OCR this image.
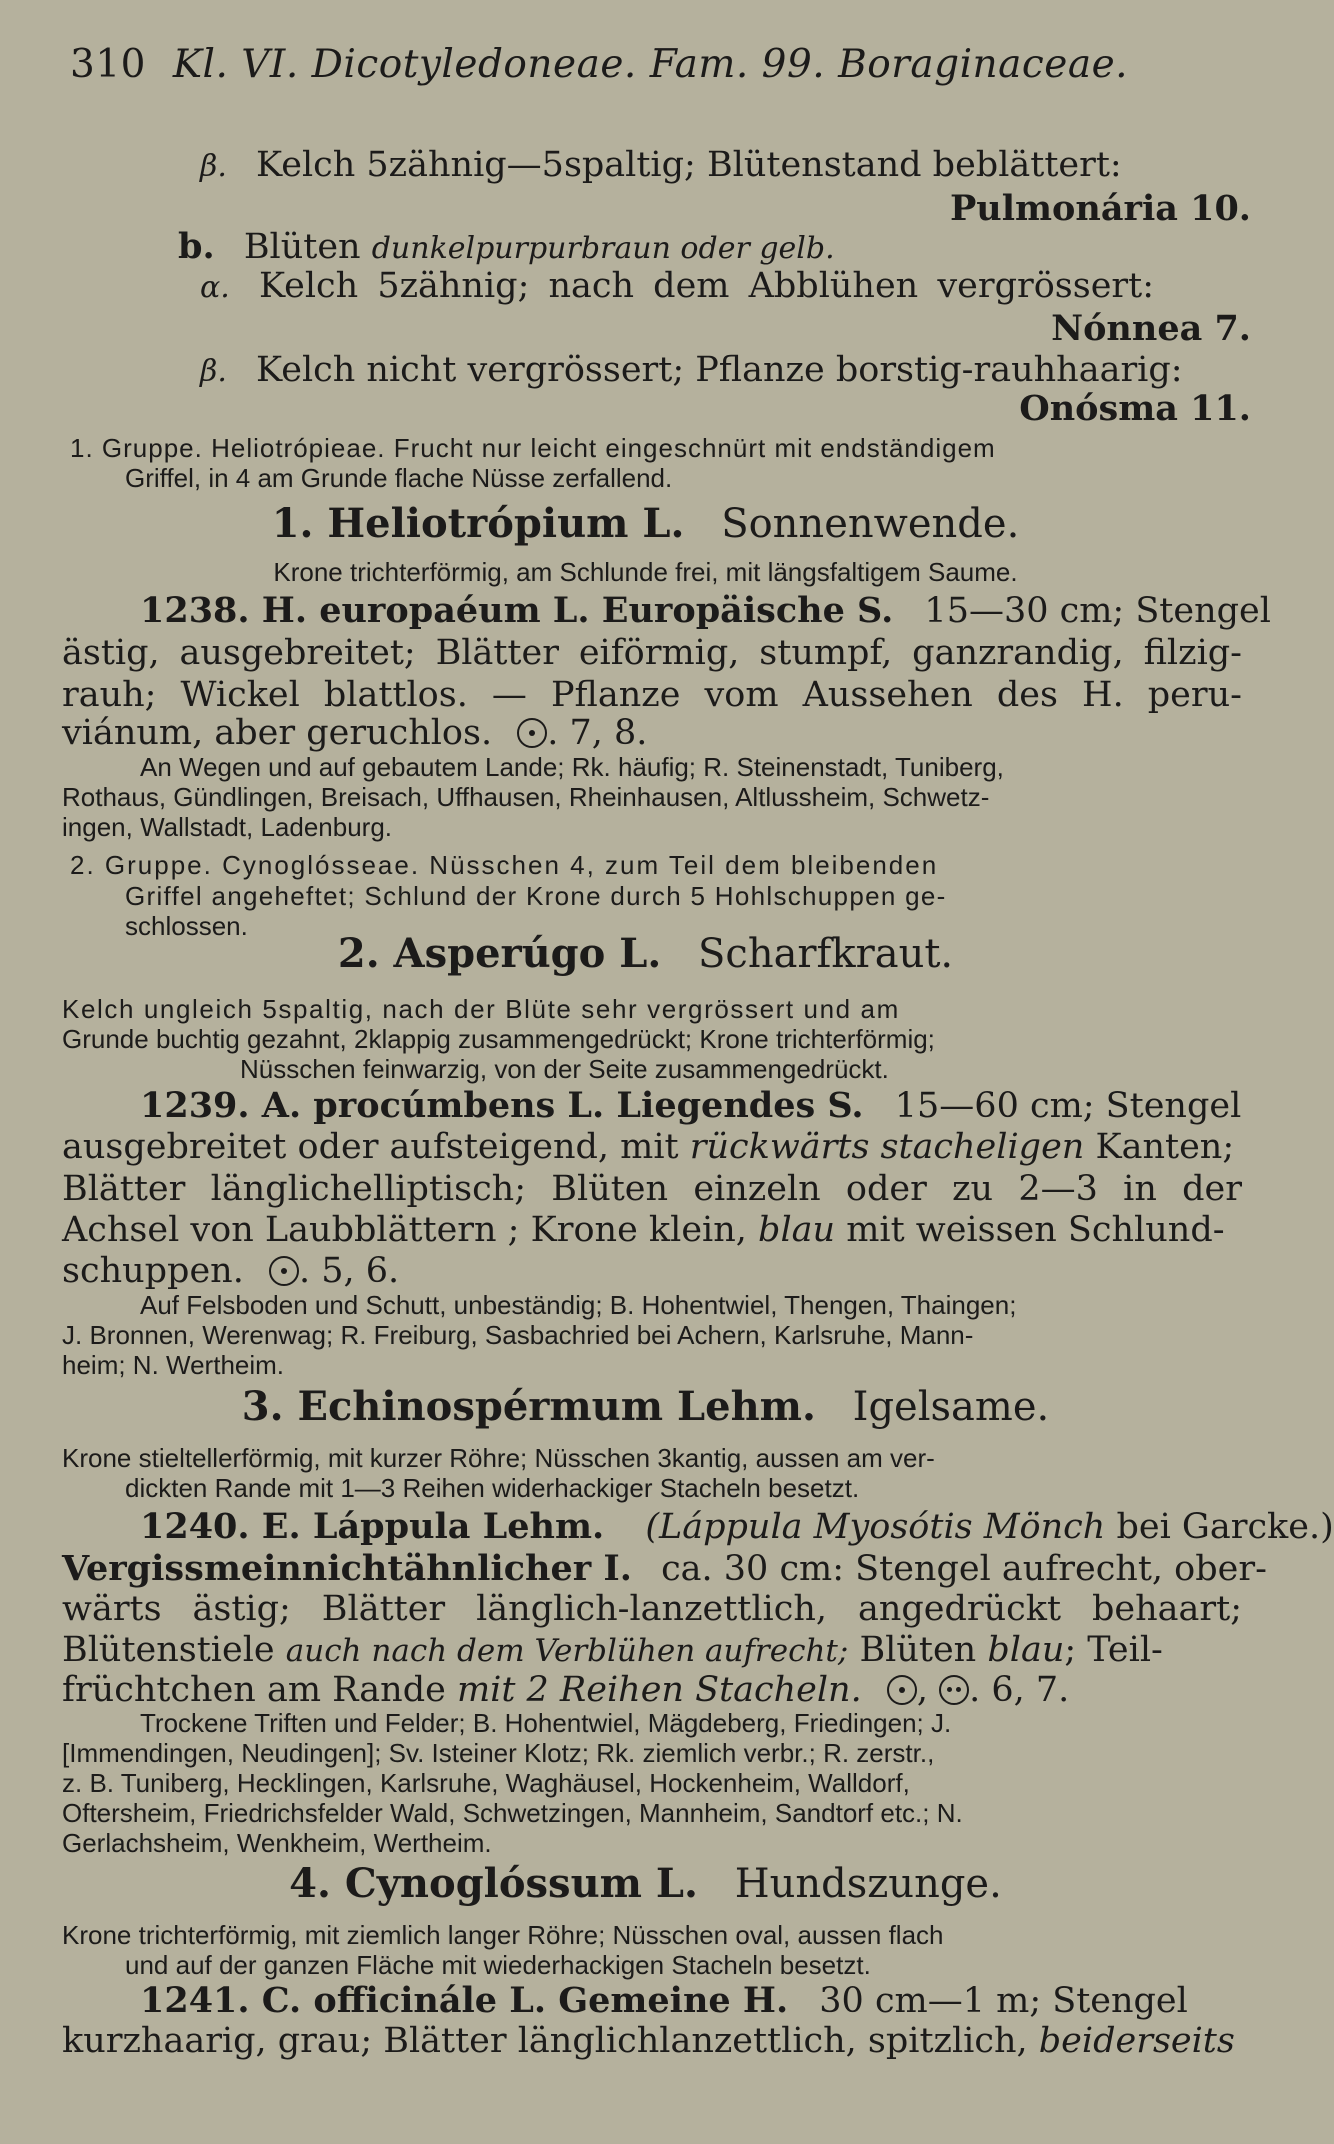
310 Kl. VI. Dicotyledoneae. Fam. 99. Boraginaceae.
β. Kelch 5zähnig—5spaltig; Blütenstand beblättert:
Pulmonária 10.
b. Blüten dunkelpurpurbraun oder gelb.
α. Kelch 5zähnig; nach dem Abblühen vergrössert:
Nónnea 7.
β. Kelch nicht vergrössert; Pflanze borstig-rauhhaarig:
Onósma 11.
1. Gruppe. Heliotrópieae. Frucht nur leicht eingeschnürt mit endständigem
Griffel, in 4 am Grunde flache Nüsse zerfallend.
1. Heliotrópium L. Sonnenwende.
Krone trichterförmig, am Schlunde frei, mit längsfaltigem Saume.
1238. H. europaéum L. Europäische S. 15—30 cm; Stengel
ästig, ausgebreitet; Blätter eiförmig, stumpf, ganzrandig, filzig-
rauh; Wickel blattlos. — Pflanze vom Aussehen des H. peru-
viánum, aber geruchlos. . 7, 8.
An Wegen und auf gebautem Lande; Rk. häufig; R. Steinenstadt, Tuniberg,
Rothaus, Gündlingen, Breisach, Uffhausen, Rheinhausen, Altlussheim, Schwetz-
ingen, Wallstadt, Ladenburg.
2. Gruppe. Cynoglósseae. Nüsschen 4, zum Teil dem bleibenden
Griffel angeheftet; Schlund der Krone durch 5 Hohlschuppen ge-
schlossen.
2. Asperúgo L. Scharfkraut.
Kelch ungleich 5spaltig, nach der Blüte sehr vergrössert und am
Grunde buchtig gezahnt, 2klappig zusammengedrückt; Krone trichterförmig;
Nüsschen feinwarzig, von der Seite zusammengedrückt.
1239. A. procúmbens L. Liegendes S. 15—60 cm; Stengel
ausgebreitet oder aufsteigend, mit rückwärts stacheligen Kanten;
Blätter länglichelliptisch; Blüten einzeln oder zu 2—3 in der
Achsel von Laubblättern ; Krone klein, blau mit weissen Schlund-
schuppen. . 5, 6.
Auf Felsboden und Schutt, unbeständig; B. Hohentwiel, Thengen, Thaingen;
J. Bronnen, Werenwag; R. Freiburg, Sasbachried bei Achern, Karlsruhe, Mann-
heim; N. Wertheim.
3. Echinospérmum Lehm. Igelsame.
Krone stieltellerförmig, mit kurzer Röhre; Nüsschen 3kantig, aussen am ver-
dickten Rande mit 1—3 Reihen widerhackiger Stacheln besetzt.
1240. E. Láppula Lehm. (Láppula Myosótis Mönch bei Garcke.)
Vergissmeinnichtähnlicher I. ca. 30 cm: Stengel aufrecht, ober-
wärts ästig; Blätter länglich-lanzettlich, angedrückt behaart;
Blütenstiele auch nach dem Verblühen aufrecht; Blüten blau; Teil-
früchtchen am Rande mit 2 Reihen Stacheln. , . 6, 7.
Trockene Triften und Felder; B. Hohentwiel, Mägdeberg, Friedingen; J.
[Immendingen, Neudingen]; Sv. Isteiner Klotz; Rk. ziemlich verbr.; R. zerstr.,
z. B. Tuniberg, Hecklingen, Karlsruhe, Waghäusel, Hockenheim, Walldorf,
Oftersheim, Friedrichsfelder Wald, Schwetzingen, Mannheim, Sandtorf etc.; N.
Gerlachsheim, Wenkheim, Wertheim.
4. Cynoglóssum L. Hundszunge.
Krone trichterförmig, mit ziemlich langer Röhre; Nüsschen oval, aussen flach
und auf der ganzen Fläche mit wiederhackigen Stacheln besetzt.
1241. C. officinále L. Gemeine H. 30 cm—1 m; Stengel
kurzhaarig, grau; Blätter länglichlanzettlich, spitzlich, beiderseits
